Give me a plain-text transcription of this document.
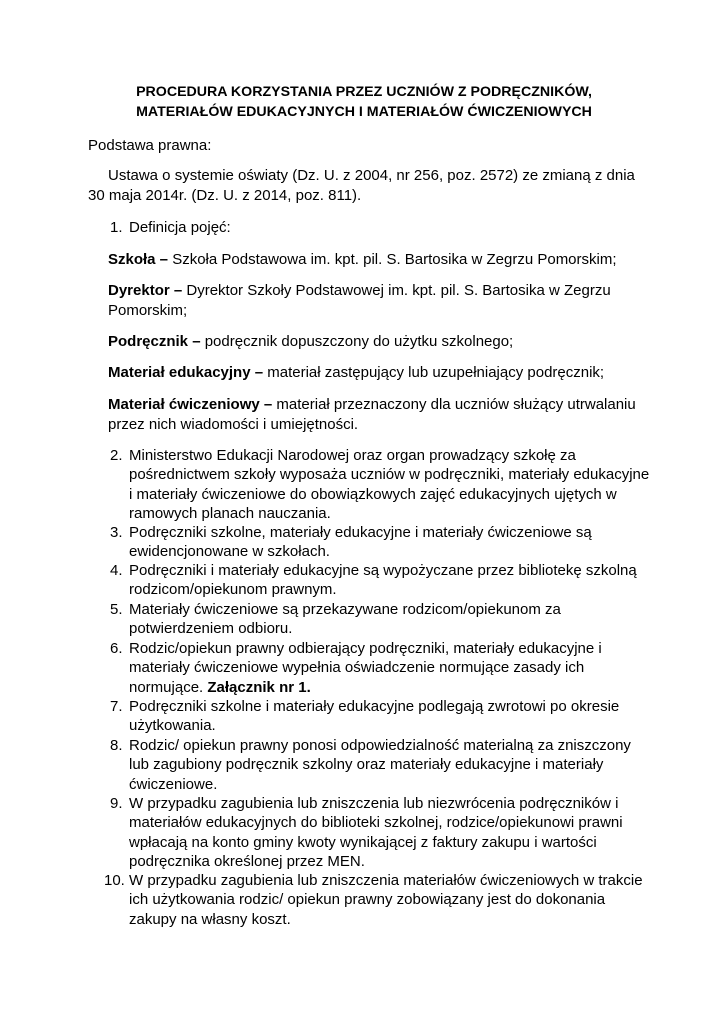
PROCEDURA KORZYSTANIA PRZEZ UCZNIÓW Z PODRĘCZNIKÓW,
MATERIAŁÓW EDUKACYJNYCH I MATERIAŁÓW ĆWICZENIOWYCH
Podstawa prawna:
Ustawa o systemie oświaty (Dz. U. z 2004, nr 256, poz. 2572) ze zmianą z dnia
30 maja 2014r. (Dz. U. z 2014, poz. 811).
1. Definicja pojęć:
Szkoła – Szkoła Podstawowa im. kpt. pil. S. Bartosika w Zegrzu Pomorskim;
Dyrektor – Dyrektor Szkoły Podstawowej im. kpt. pil. S. Bartosika w Zegrzu
Pomorskim;
Podręcznik – podręcznik dopuszczony do użytku szkolnego;
Materiał edukacyjny – materiał zastępujący lub uzupełniający podręcznik;
Materiał ćwiczeniowy – materiał przeznaczony dla uczniów służący utrwalaniu
przez nich wiadomości i umiejętności.
2. Ministerstwo Edukacji Narodowej oraz organ prowadzący szkołę za
pośrednictwem szkoły wyposaża uczniów w podręczniki, materiały edukacyjne
i materiały ćwiczeniowe do obowiązkowych zajęć edukacyjnych ujętych w
ramowych planach nauczania.
3. Podręczniki szkolne, materiały edukacyjne i materiały ćwiczeniowe są
ewidencjonowane w szkołach.
4. Podręczniki i materiały edukacyjne są wypożyczane przez bibliotekę szkolną
rodzicom/opiekunom prawnym.
5. Materiały ćwiczeniowe są przekazywane rodzicom/opiekunom za
potwierdzeniem odbioru.
6. Rodzic/opiekun prawny odbierający podręczniki, materiały edukacyjne i
materiały ćwiczeniowe wypełnia oświadczenie normujące zasady ich
normujące. Załącznik nr 1.
7. Podręczniki szkolne i materiały edukacyjne podlegają zwrotowi po okresie
użytkowania.
8. Rodzic/ opiekun prawny ponosi odpowiedzialność materialną za zniszczony
lub zagubiony podręcznik szkolny oraz materiały edukacyjne i materiały
ćwiczeniowe.
9. W przypadku zagubienia lub zniszczenia lub niezwrócenia podręczników i
materiałów edukacyjnych do biblioteki szkolnej, rodzice/opiekunowi prawni
wpłacają na konto gminy kwoty wynikającej z faktury zakupu i wartości
podręcznika określonej przez MEN.
10. W przypadku zagubienia lub zniszczenia materiałów ćwiczeniowych w trakcie
ich użytkowania rodzic/ opiekun prawny zobowiązany jest do dokonania
zakupy na własny koszt.
